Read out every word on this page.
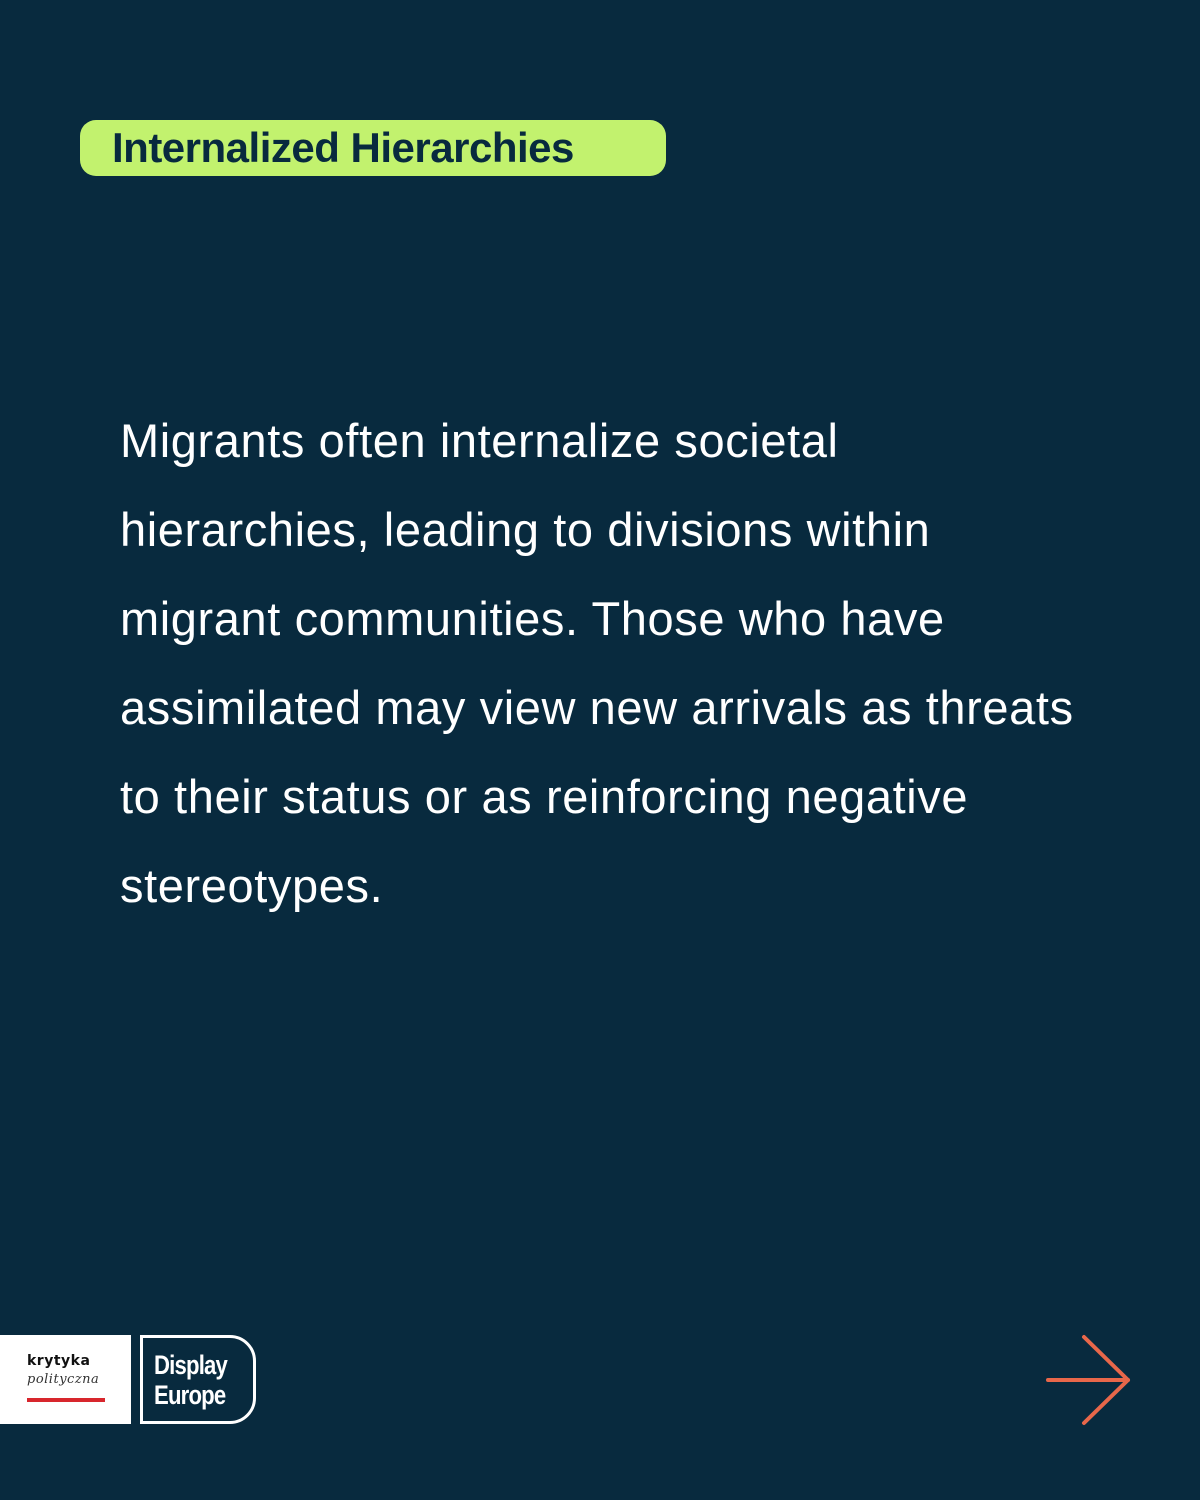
Internalized Hierarchies
Migrants often internalize societal hierarchies, leading to divisions within migrant communities. Those who have assimilated may view new arrivals as threats to their status or as reinforcing negative stereotypes.
krytyka
polityczna Display
Europe
